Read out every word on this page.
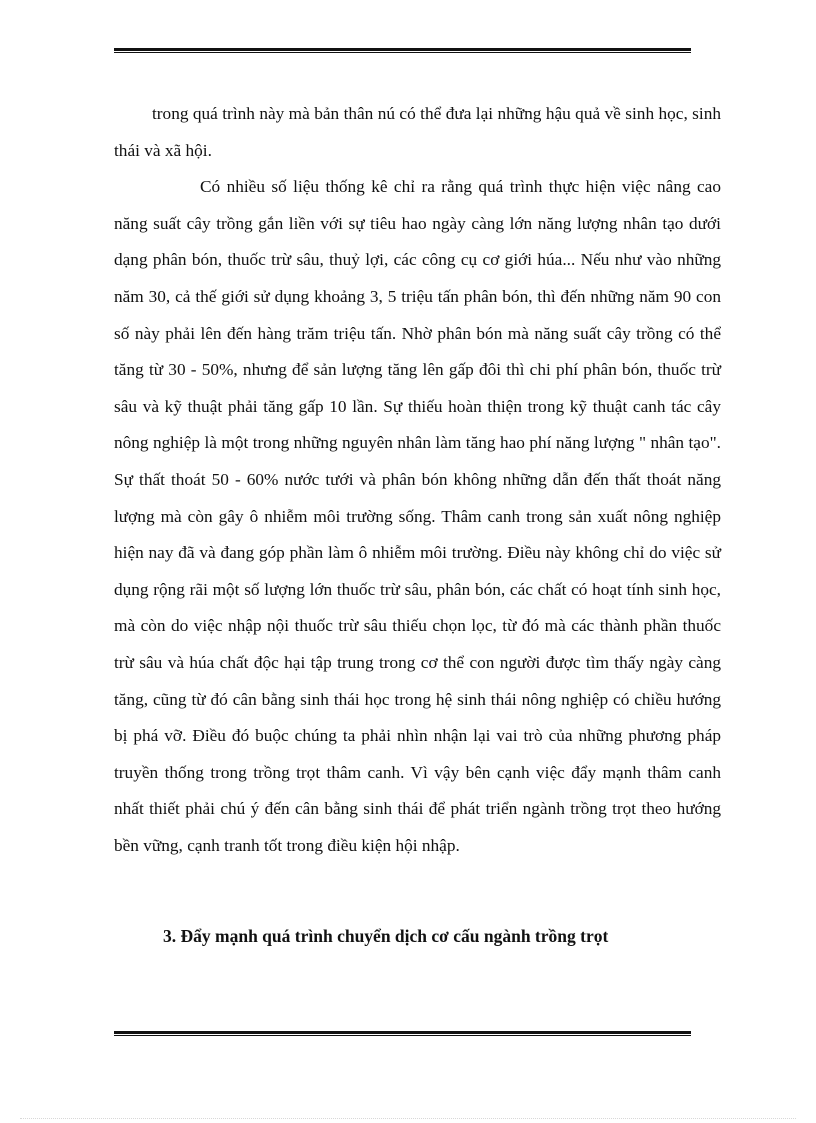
trong quá trình này mà bản thân nú có thể đưa lại những hậu quả về sinh học, sinh thái và xã hội.

Có nhiều số liệu thống kê chỉ ra rằng quá trình thực hiện việc nâng cao năng suất cây trồng gắn liền với sự tiêu hao ngày càng lớn năng lượng nhân tạo dưới dạng phân bón, thuốc trừ sâu, thuỷ lợi, các công cụ cơ giới húa... Nếu như vào những năm 30, cả thế giới sử dụng khoảng 3, 5 triệu tấn phân bón, thì đến những năm 90 con số này phải lên đến hàng trăm triệu tấn. Nhờ phân bón mà năng suất cây trồng có thể tăng từ 30 - 50%, nhưng để sản lượng tăng lên gấp đôi thì chi phí phân bón, thuốc trừ sâu và kỹ thuật phải tăng gấp 10 lần. Sự thiếu hoàn thiện trong kỹ thuật canh tác cây nông nghiệp là một trong những nguyên nhân làm tăng hao phí năng lượng " nhân tạo". Sự thất thoát 50 - 60% nước tưới và phân bón không những dẫn đến thất thoát năng lượng mà còn gây ô nhiễm môi trường sống. Thâm canh trong sản xuất nông nghiệp hiện nay đã và đang góp phần làm ô nhiễm môi trường. Điều này không chỉ do việc sử dụng rộng rãi một số lượng lớn thuốc trừ sâu, phân bón, các chất có hoạt tính sinh học, mà còn do việc nhập nội thuốc trừ sâu thiếu chọn lọc, từ đó mà các thành phần thuốc trừ sâu và húa chất độc hại tập trung trong cơ thể con người được tìm thấy ngày càng tăng, cũng từ đó cân bằng sinh thái học trong hệ sinh thái nông nghiệp có chiều hướng bị phá vỡ. Điều đó buộc chúng ta phải nhìn nhận lại vai trò của những phương pháp truyền thống trong trồng trọt thâm canh. Vì vậy bên cạnh việc đẩy mạnh thâm canh nhất thiết phải chú ý đến cân bằng sinh thái để phát triển ngành trồng trọt theo hướng bền vững, cạnh tranh tốt trong điều kiện hội nhập.

3. Đẩy mạnh quá trình chuyển dịch cơ cấu ngành trồng trọt
